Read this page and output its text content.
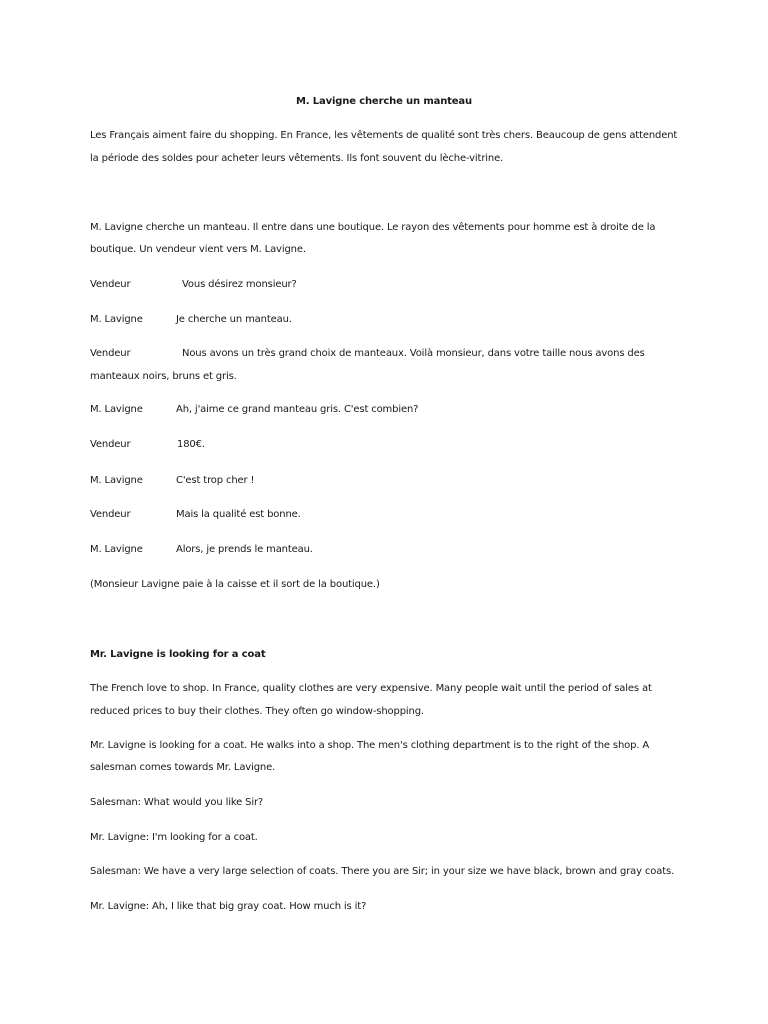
M. Lavigne cherche un manteau
Les Français aiment faire du shopping. En France, les vêtements de qualité sont très chers. Beaucoup de gens attendent
la période des soldes pour acheter leurs vêtements. Ils font souvent du lèche-vitrine.
M. Lavigne cherche un manteau. Il entre dans une boutique. Le rayon des vêtements pour homme est à droite de la
boutique. Un vendeur vient vers M. Lavigne.
Vendeur	Vous désirez monsieur?
M. Lavigne	Je cherche un manteau.
Vendeur	Nous avons un très grand choix de manteaux. Voilà monsieur, dans votre taille nous avons des
manteaux noirs, bruns et gris.
M. Lavigne	Ah, j'aime ce grand manteau gris. C'est combien?
Vendeur	180€.
M. Lavigne	C'est trop cher !
Vendeur	Mais la qualité est bonne.
M. Lavigne	Alors, je prends le manteau.
(Monsieur Lavigne paie à la caisse et il sort de la boutique.)
Mr. Lavigne is looking for a coat
The French love to shop. In France, quality clothes are very expensive. Many people wait until the period of sales at
reduced prices to buy their clothes. They often go window-shopping.
Mr. Lavigne is looking for a coat. He walks into a shop. The men's clothing department is to the right of the shop. A
salesman comes towards Mr. Lavigne.
Salesman: What would you like Sir?
Mr. Lavigne: I'm looking for a coat.
Salesman: We have a very large selection of coats. There you are Sir; in your size we have black, brown and gray coats.
Mr. Lavigne: Ah, I like that big gray coat. How much is it?
